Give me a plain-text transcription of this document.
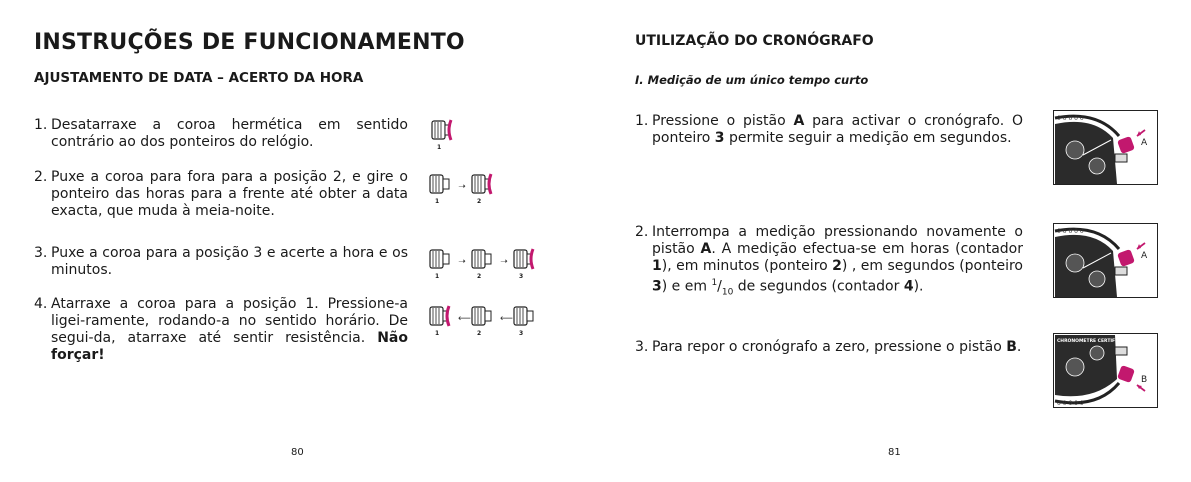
INSTRUÇÕES DE FUNCIONAMENTO
AJUSTAMENTO DE DATA – ACERTO DA HORA
1. Desatarraxe a coroa hermética em sentido contrário ao dos ponteiros do relógio.
2. Puxe a coroa para fora para a posição 2, e gire o ponteiro das horas para a frente até obter a data exacta, que muda à meia-noite.
3. Puxe a coroa para a posição 3 e acerte a hora e os minutos.
4. Atarraxe a coroa para a posição 1. Pressione-a ligei-ramente, rodando-a no sentido horário. De segui-da, atarraxe até sentir resistência. Não forçar!
1
1
➝
2
1
➝
2
➝
3
1
⟵
2
⟵
3
80
UTILIZAÇÃO DO CRONÓGRAFO
I. Medição de um único tempo curto
1. Pressione o pistão A para activar o cronógrafo. O ponteiro 3 permite seguir a medição em segundos.
2. Interrompa a medição pressionando novamente o pistão A. A medição efectua-se em horas (contador 1), em minutos (ponteiro 2) , em segundos (ponteiro 3) e em $^1/_{10}$ de segundos (contador 4).
3. Para repor o cronógrafo a zero, pressione o pistão B.
0 0 0 0 0
A
0 0 0 0 0
A
0 0 0 0 0
CHRONOMETRE CERTIFIE
B
81
